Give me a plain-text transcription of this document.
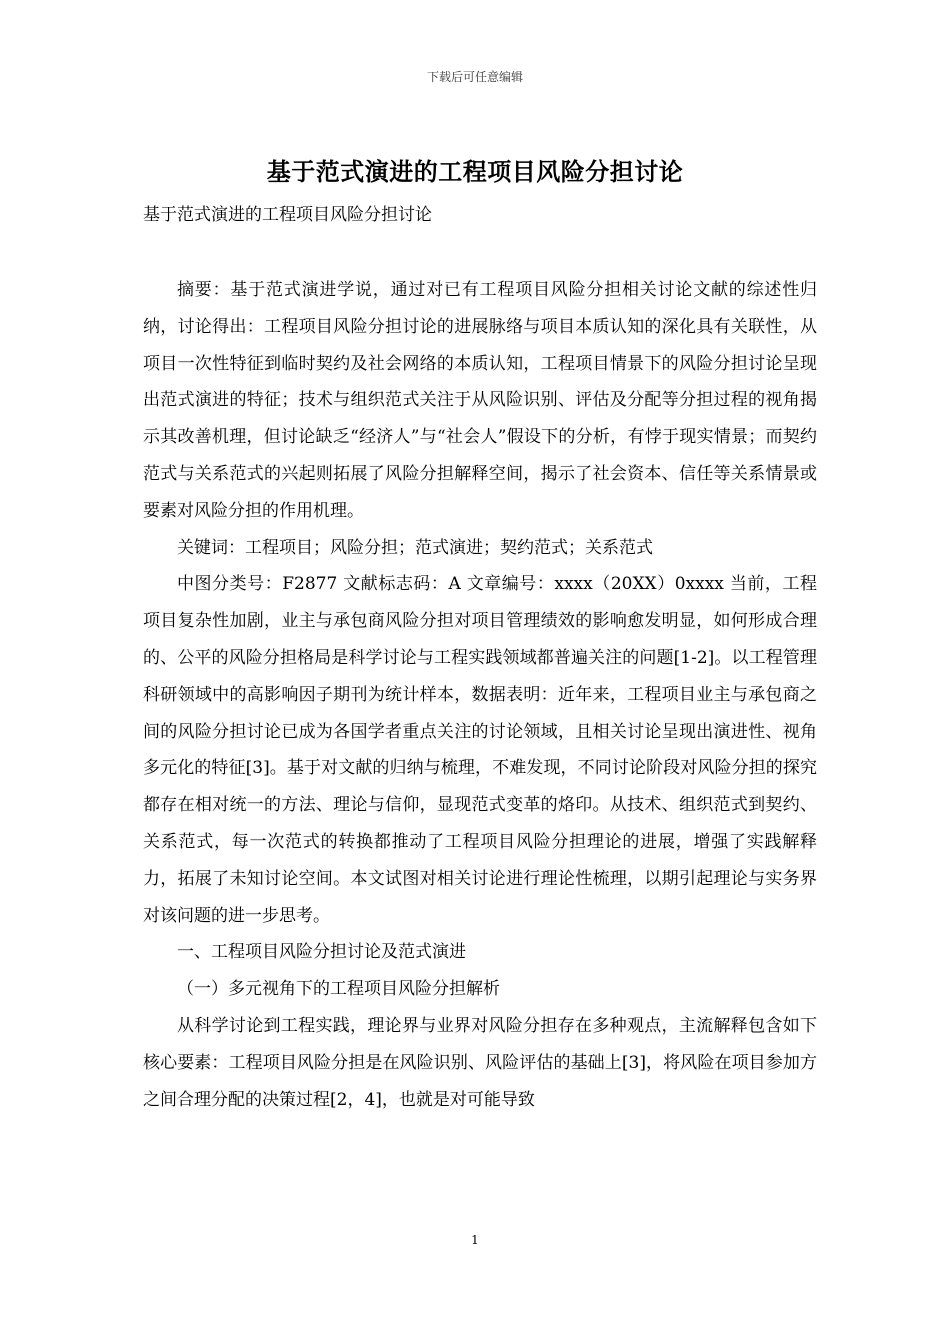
下载后可任意编辑
基于范式演进的工程项目风险分担讨论
基于范式演进的工程项目风险分担讨论

摘要：基于范式演进学说，通过对已有工程项目风险分担相关讨论文献的综述性归纳，讨论得出：工程项目风险分担讨论的进展脉络与项目本质认知的深化具有关联性，从项目一次性特征到临时契约及社会网络的本质认知，工程项目情景下的风险分担讨论呈现出范式演进的特征；技术与组织范式关注于从风险识别、评估及分配等分担过程的视角揭示其改善机理，但讨论缺乏“经济人”与“社会人”假设下的分析，有悖于现实情景；而契约范式与关系范式的兴起则拓展了风险分担解释空间，揭示了社会资本、信任等关系情景或要素对风险分担的作用机理。

关键词：工程项目；风险分担；范式演进；契约范式；关系范式

中图分类号：F2877 文献标志码：A 文章编号：xxxx（20XX）0xxxx 当前，工程项目复杂性加剧，业主与承包商风险分担对项目管理绩效的影响愈发明显，如何形成合理的、公平的风险分担格局是科学讨论与工程实践领域都普遍关注的问题[1-2]。以工程管理科研领域中的高影响因子期刊为统计样本，数据表明：近年来，工程项目业主与承包商之间的风险分担讨论已成为各国学者重点关注的讨论领域，且相关讨论呈现出演进性、视角多元化的特征[3]。基于对文献的归纳与梳理，不难发现，不同讨论阶段对风险分担的探究都存在相对统一的方法、理论与信仰，显现范式变革的烙印。从技术、组织范式到契约、关系范式，每一次范式的转换都推动了工程项目风险分担理论的进展，增强了实践解释力，拓展了未知讨论空间。本文试图对相关讨论进行理论性梳理，以期引起理论与实务界对该问题的进一步思考。

一、工程项目风险分担讨论及范式演进

（一）多元视角下的工程项目风险分担解析

从科学讨论到工程实践，理论界与业界对风险分担存在多种观点，主流解释包含如下核心要素：工程项目风险分担是在风险识别、风险评估的基础上[3]，将风险在项目参加方之间合理分配的决策过程[2，4]，也就是对可能导致

1
